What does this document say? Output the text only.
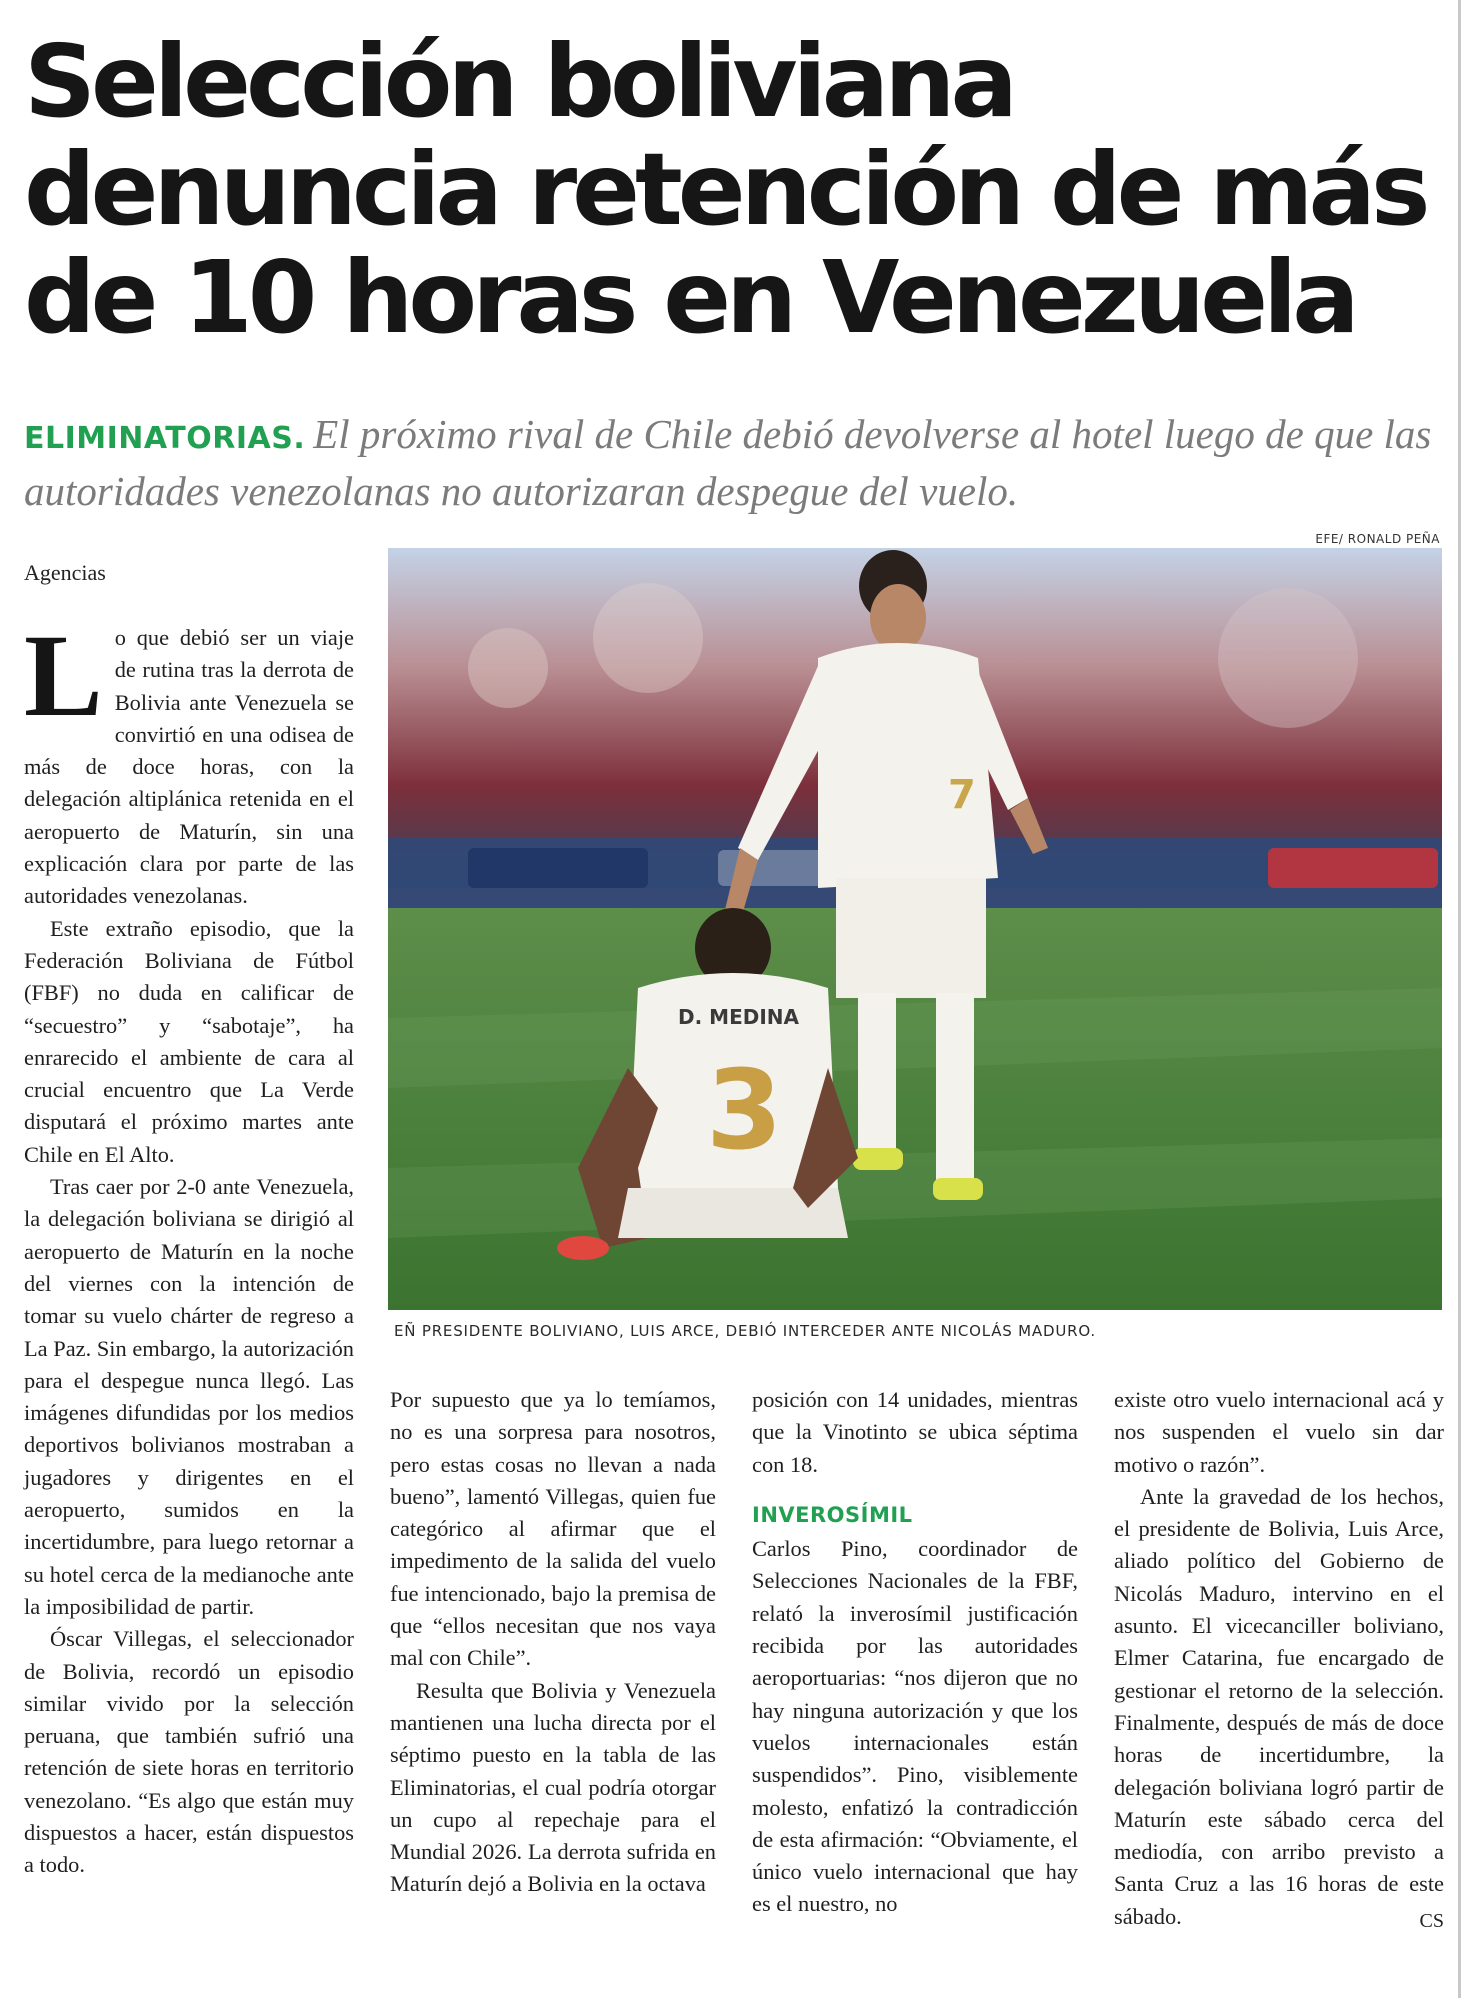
Selección boliviana
denuncia retención de más
de 10 horas en Venezuela
ELIMINATORIAS. El próximo rival de Chile debió devolverse al hotel luego de que las autoridades venezolanas no autorizaran despegue del vuelo.
EFE/ RONALD PEÑA
7
D. MEDINA
3
EÑ PRESIDENTE BOLIVIANO, LUIS ARCE, DEBIÓ INTERCEDER ANTE NICOLÁS MADURO.
Agencias

Lo que debió ser un viaje de rutina tras la derrota de Bolivia ante Venezuela se convirtió en una odisea de más de doce horas, con la delegación altiplánica retenida en el aeropuerto de Maturín, sin una explicación clara por parte de las autoridades venezolanas.

Este extraño episodio, que la Federación Boliviana de Fútbol (FBF) no duda en calificar de “secuestro” y “sabotaje”, ha enrarecido el ambiente de cara al crucial encuentro que La Verde disputará el próximo martes ante Chile en El Alto.

Tras caer por 2-0 ante Venezuela, la delegación boliviana se dirigió al aeropuerto de Maturín en la noche del viernes con la intención de tomar su vuelo chárter de regreso a La Paz. Sin embargo, la autorización para el despegue nunca llegó. Las imágenes difundidas por los medios deportivos bolivianos mostraban a jugadores y dirigentes en el aeropuerto, sumidos en la incertidumbre, para luego retornar a su hotel cerca de la medianoche ante la imposibilidad de partir.

Óscar Villegas, el seleccionador de Bolivia, recordó un episodio similar vivido por la selección peruana, que también sufrió una retención de siete horas en territorio venezolano. “Es algo que están muy dispuestos a hacer, están dispuestos a todo.

Por supuesto que ya lo temíamos, no es una sorpresa para nosotros, pero estas cosas no llevan a nada bueno”, lamentó Villegas, quien fue categórico al afirmar que el impedimento de la salida del vuelo fue intencionado, bajo la premisa de que “ellos necesitan que nos vaya mal con Chile”.

Resulta que Bolivia y Venezuela mantienen una lucha directa por el séptimo puesto en la tabla de las Eliminatorias, el cual podría otorgar un cupo al repechaje para el Mundial 2026. La derrota sufrida en Maturín dejó a Bolivia en la octava

posición con 14 unidades, mientras que la Vinotinto se ubica séptima con 18.

INVEROSÍMIL

Carlos Pino, coordinador de Selecciones Nacionales de la FBF, relató la inverosímil justificación recibida por las autoridades aeroportuarias: “nos dijeron que no hay ninguna autorización y que los vuelos internacionales están suspendidos”. Pino, visiblemente molesto, enfatizó la contradicción de esta afirmación: “Obviamente, el único vuelo internacional que hay es el nuestro, no

existe otro vuelo internacional acá y nos suspenden el vuelo sin dar motivo o razón”.

Ante la gravedad de los hechos, el presidente de Bolivia, Luis Arce, aliado político del Gobierno de Nicolás Maduro, intervino en el asunto. El vicecanciller boliviano, Elmer Catarina, fue encargado de gestionar el retorno de la selección. Finalmente, después de más de doce horas de incertidumbre, la delegación boliviana logró partir de Maturín este sábado cerca del mediodía, con arribo previsto a Santa Cruz a las 16 horas de este sábado.	CS
